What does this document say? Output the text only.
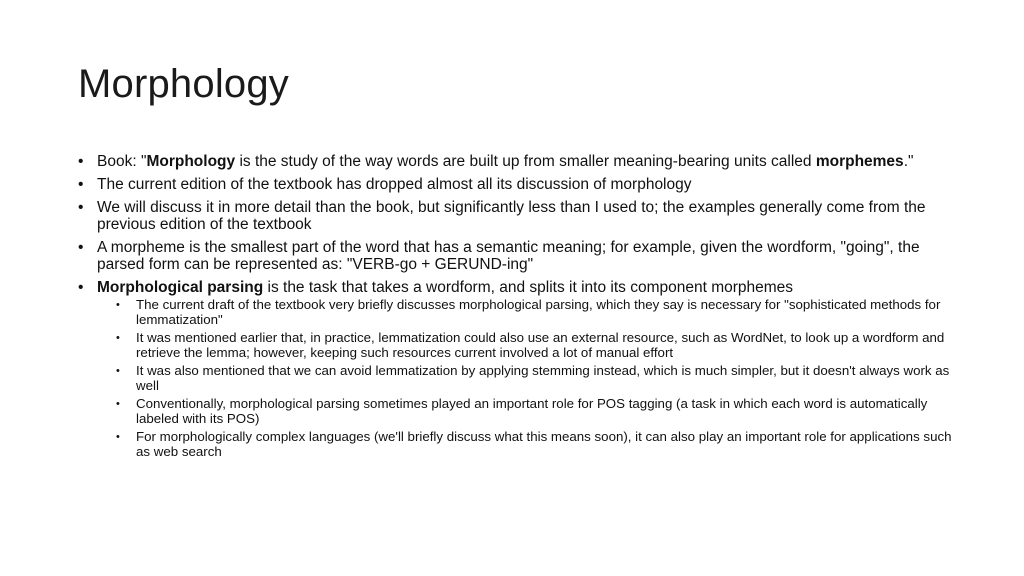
Morphology
• Book: "Morphology is the study of the way words are built up from smaller meaning-bearing units called morphemes."
• The current edition of the textbook has dropped almost all its discussion of morphology
• We will discuss it in more detail than the book, but significantly less than I used to; the examples generally come from the previous edition of the textbook
• A morpheme is the smallest part of the word that has a semantic meaning; for example, given the wordform, "going", the parsed form can be represented as: "VERB-go + GERUND-ing"
• Morphological parsing is the task that takes a wordform, and splits it into its component morphemes
• The current draft of the textbook very briefly discusses morphological parsing, which they say is necessary for "sophisticated methods for lemmatization"
• It was mentioned earlier that, in practice, lemmatization could also use an external resource, such as WordNet, to look up a wordform and retrieve the lemma; however, keeping such resources current involved a lot of manual effort
• It was also mentioned that we can avoid lemmatization by applying stemming instead, which is much simpler, but it doesn't always work as well
• Conventionally, morphological parsing sometimes played an important role for POS tagging (a task in which each word is automatically labeled with its POS)
• For morphologically complex languages (we'll briefly discuss what this means soon), it can also play an important role for applications such as web search
